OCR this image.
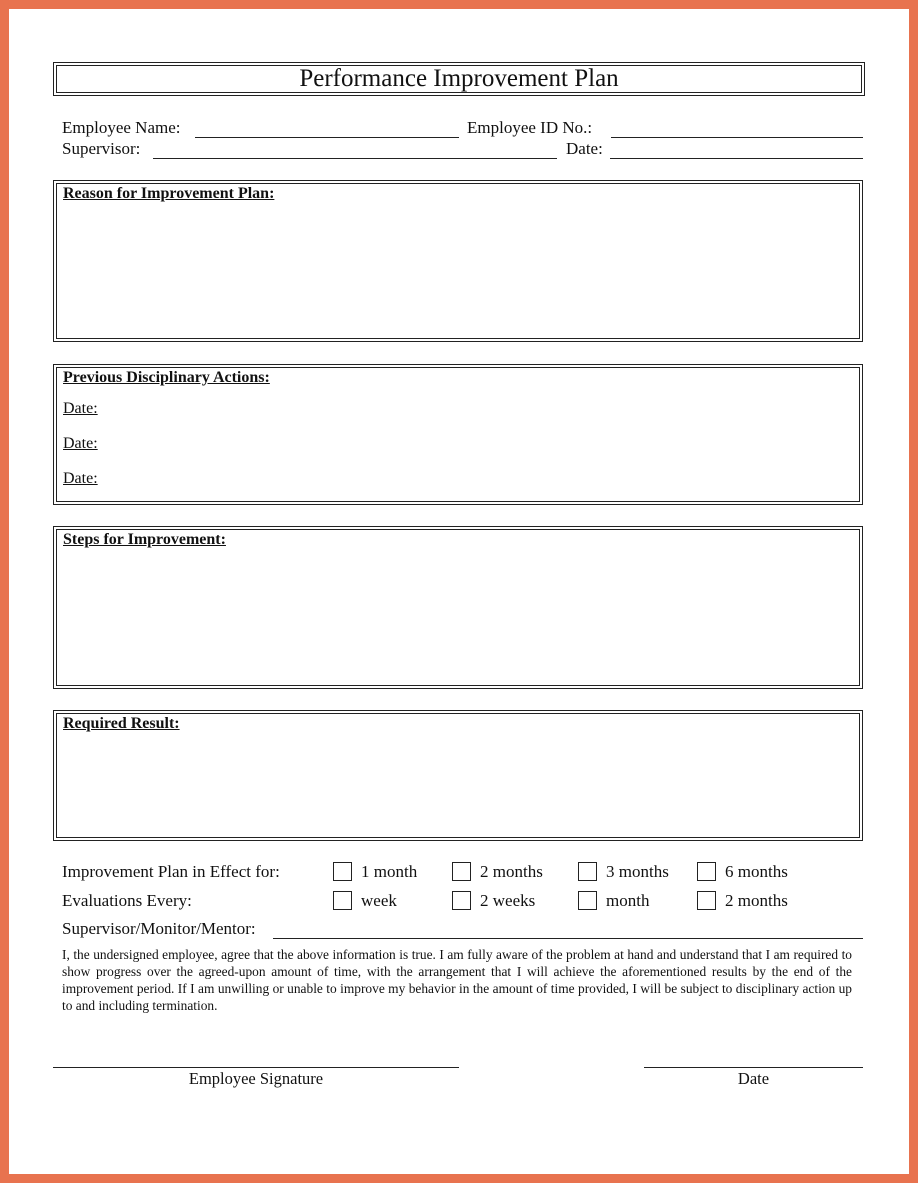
Performance Improvement Plan
Employee Name:	Employee ID No.:
Supervisor:	Date:
Reason for Improvement Plan:
Previous Disciplinary Actions:
Date:
Date:
Date:
Steps for Improvement:
Required Result:
Improvement Plan in Effect for:	1 month	2 months	3 months	6 months
Evaluations Every:	week	2 weeks	month	2 months
Supervisor/Monitor/Mentor:
I, the undersigned employee, agree that the above information is true. I am fully aware of the problem at hand and understand that I am required to show progress over the agreed-upon amount of time, with the arrangement that I will achieve the aforementioned results by the end of the improvement period. If I am unwilling or unable to improve my behavior in the amount of time provided, I will be subject to disciplinary action up to and including termination.
Employee Signature	Date
